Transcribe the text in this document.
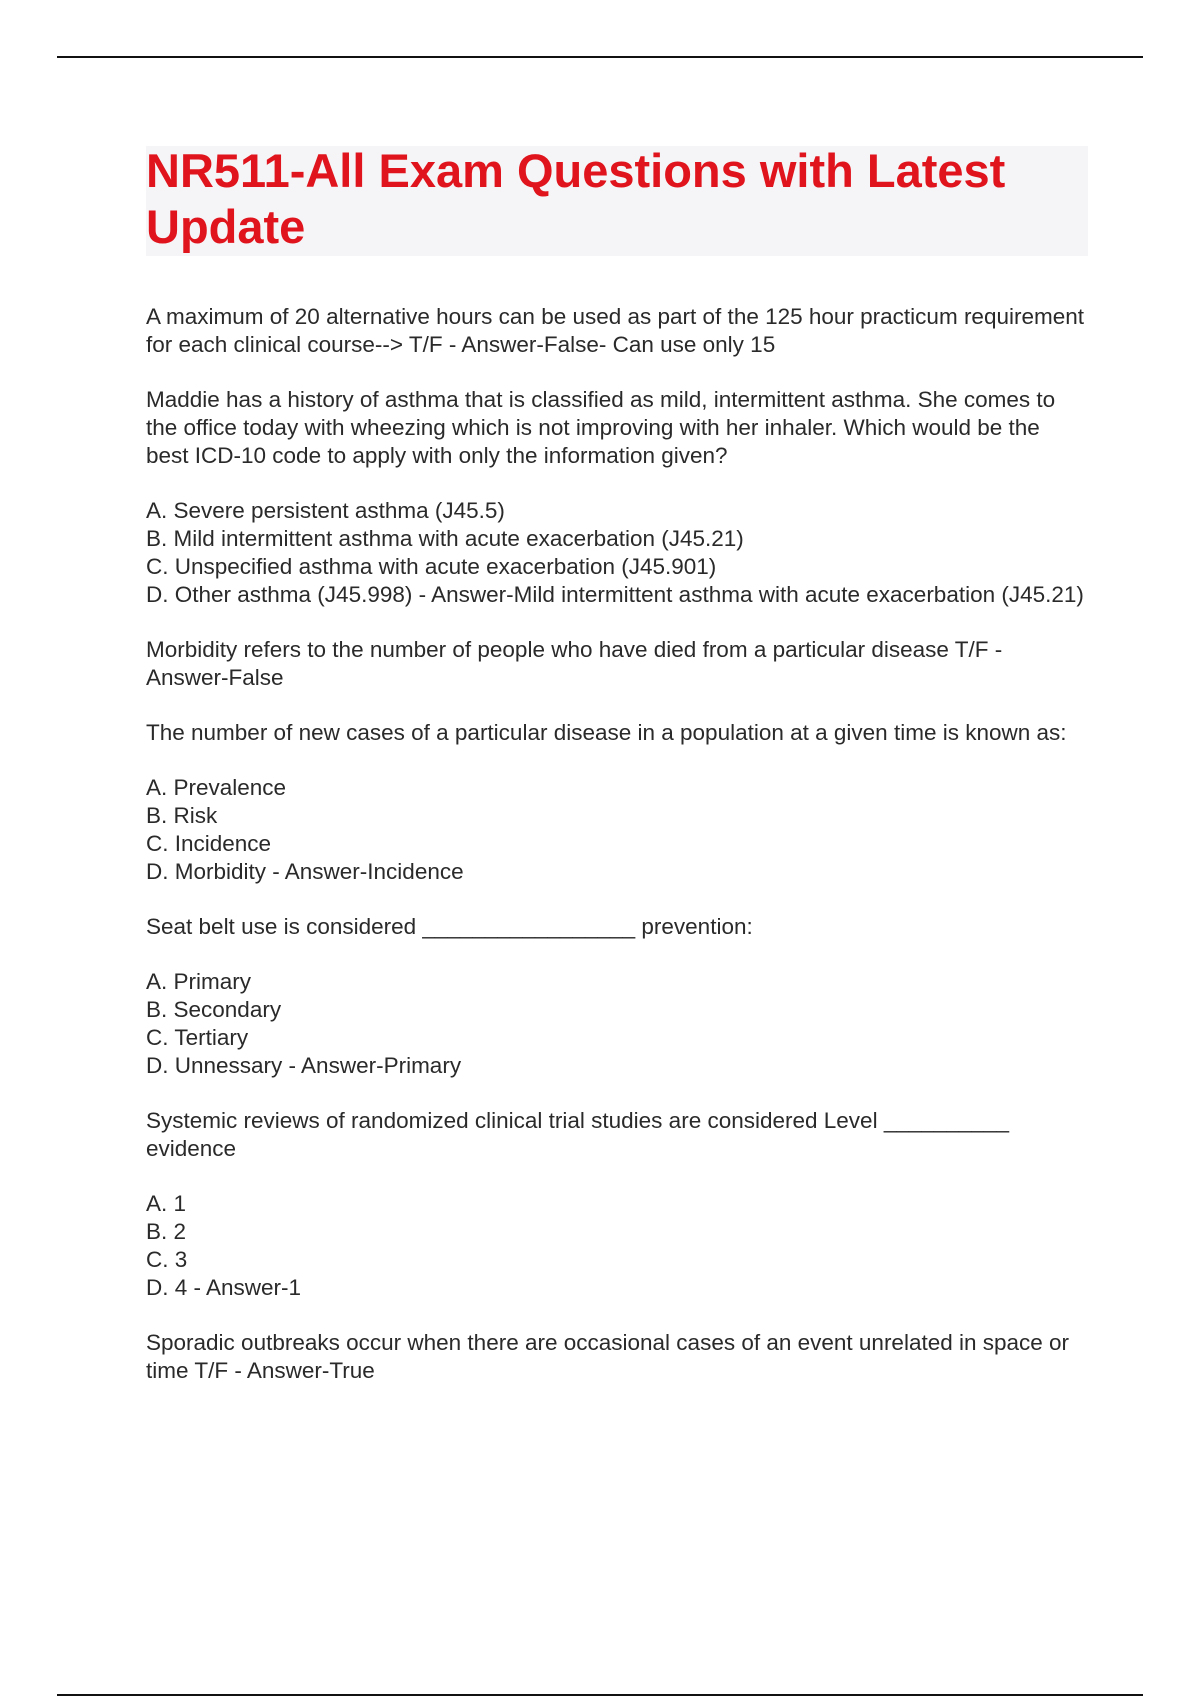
NR511-All Exam Questions with Latest Update

A maximum of 20 alternative hours can be used as part of the 125 hour practicum requirement for each clinical course--> T/F - Answer-False- Can use only 15

Maddie has a history of asthma that is classified as mild, intermittent asthma. She comes to the office today with wheezing which is not improving with her inhaler. Which would be the best ICD-10 code to apply with only the information given?

A. Severe persistent asthma (J45.5)
B. Mild intermittent asthma with acute exacerbation (J45.21)
C. Unspecified asthma with acute exacerbation (J45.901)
D. Other asthma (J45.998) - Answer-Mild intermittent asthma with acute exacerbation (J45.21)

Morbidity refers to the number of people who have died from a particular disease T/F - Answer-False

The number of new cases of a particular disease in a population at a given time is known as:

A. Prevalence
B. Risk
C. Incidence
D. Morbidity - Answer-Incidence

Seat belt use is considered _________________ prevention:

A. Primary
B. Secondary
C. Tertiary
D. Unnessary - Answer-Primary

Systemic reviews of randomized clinical trial studies are considered Level __________ evidence

A. 1
B. 2
C. 3
D. 4 - Answer-1

Sporadic outbreaks occur when there are occasional cases of an event unrelated in space or time T/F - Answer-True
